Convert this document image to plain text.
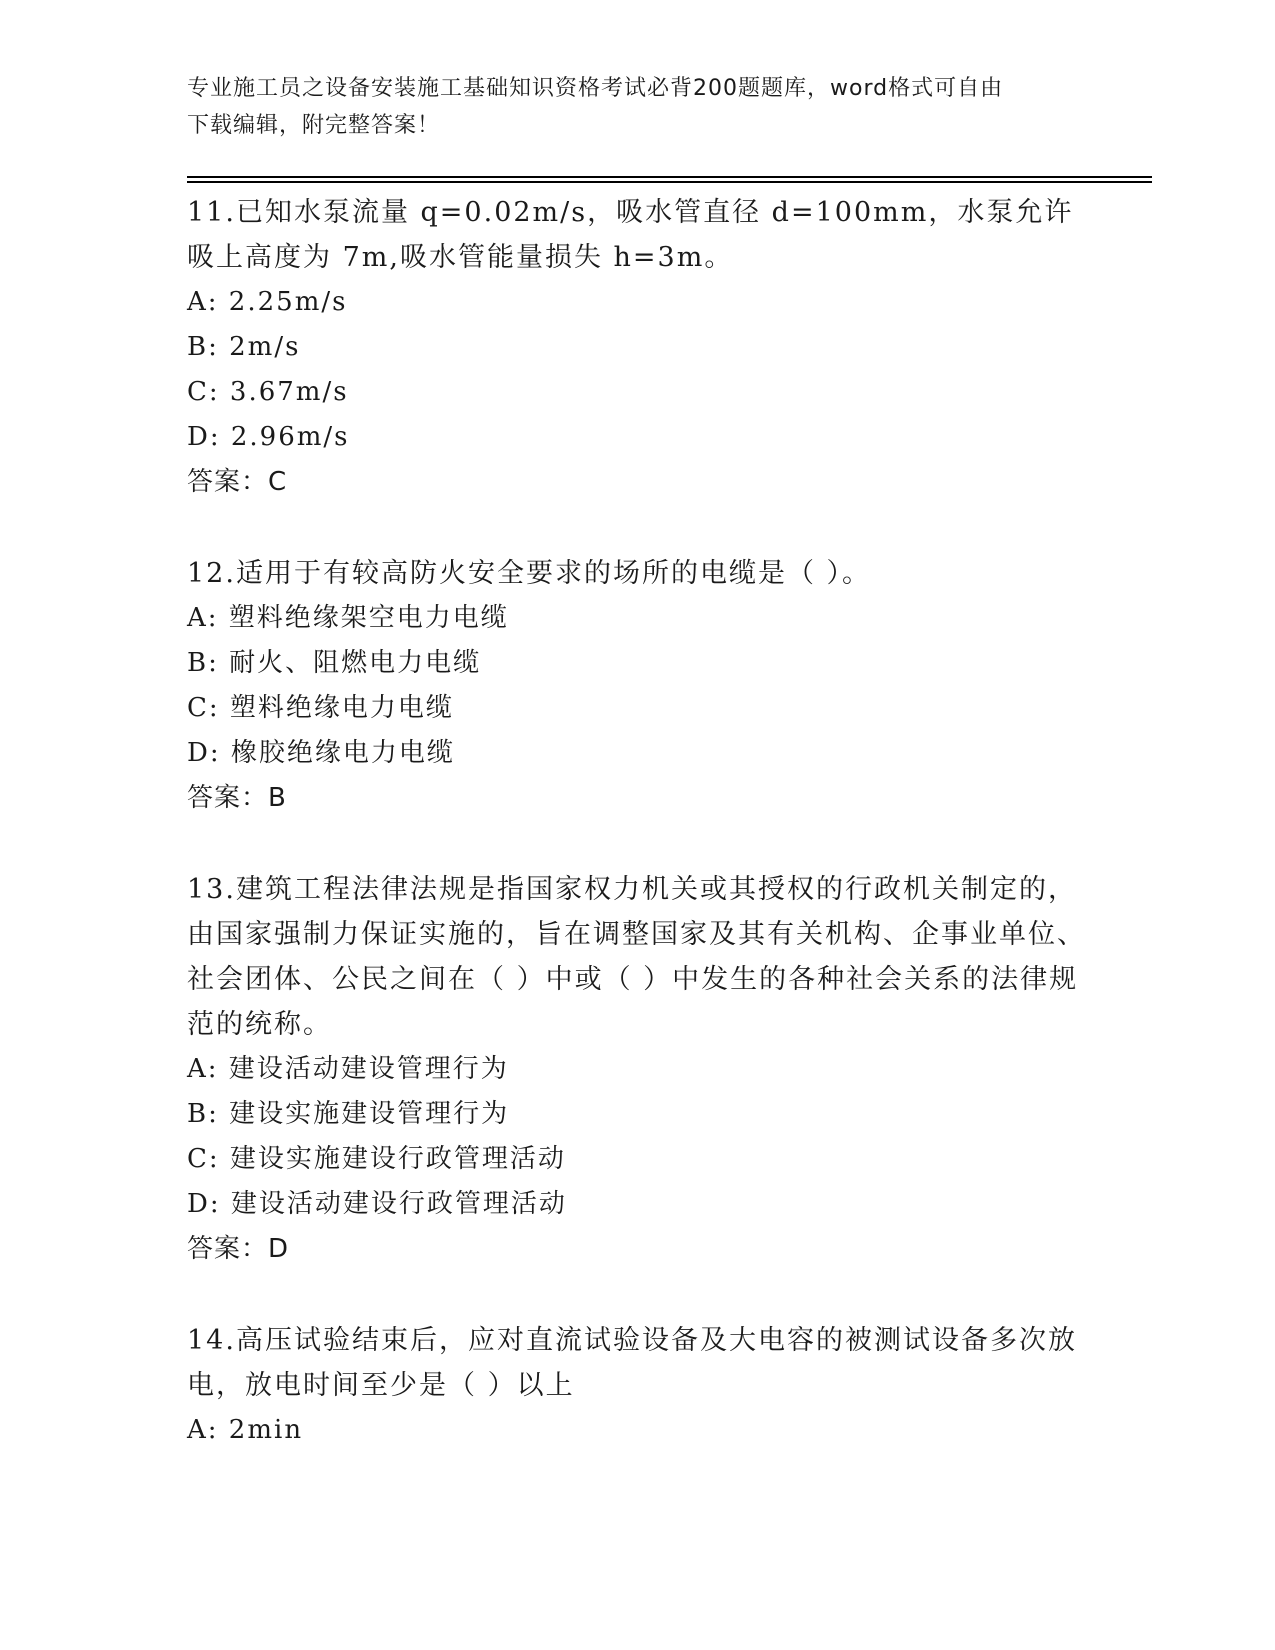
专业施工员之设备安装施工基础知识资格考试必背200题题库，word格式可自由
下载编辑，附完整答案！

11.已知水泵流量 q=0.02m/s，吸水管直径 d=100mm，水泵允许吸上高度为 7m,吸水管能量损失 h=3m。

A: 2.25m/s

B: 2m/s

C: 3.67m/s

D: 2.96m/s

答案：C

12.适用于有较高防火安全要求的场所的电缆是（ ）。

A: 塑料绝缘架空电力电缆

B: 耐火、阻燃电力电缆

C: 塑料绝缘电力电缆

D: 橡胶绝缘电力电缆

答案：B

13.建筑工程法律法规是指国家权力机关或其授权的行政机关制定的，由国家强制力保证实施的，旨在调整国家及其有关机构、企事业单位、社会团体、公民之间在（ ）中或（ ）中发生的各种社会关系的法律规范的统称。

A: 建设活动建设管理行为

B: 建设实施建设管理行为

C: 建设实施建设行政管理活动

D: 建设活动建设行政管理活动

答案：D

14.高压试验结束后，应对直流试验设备及大电容的被测试设备多次放电，放电时间至少是（ ）以上

A: 2min
